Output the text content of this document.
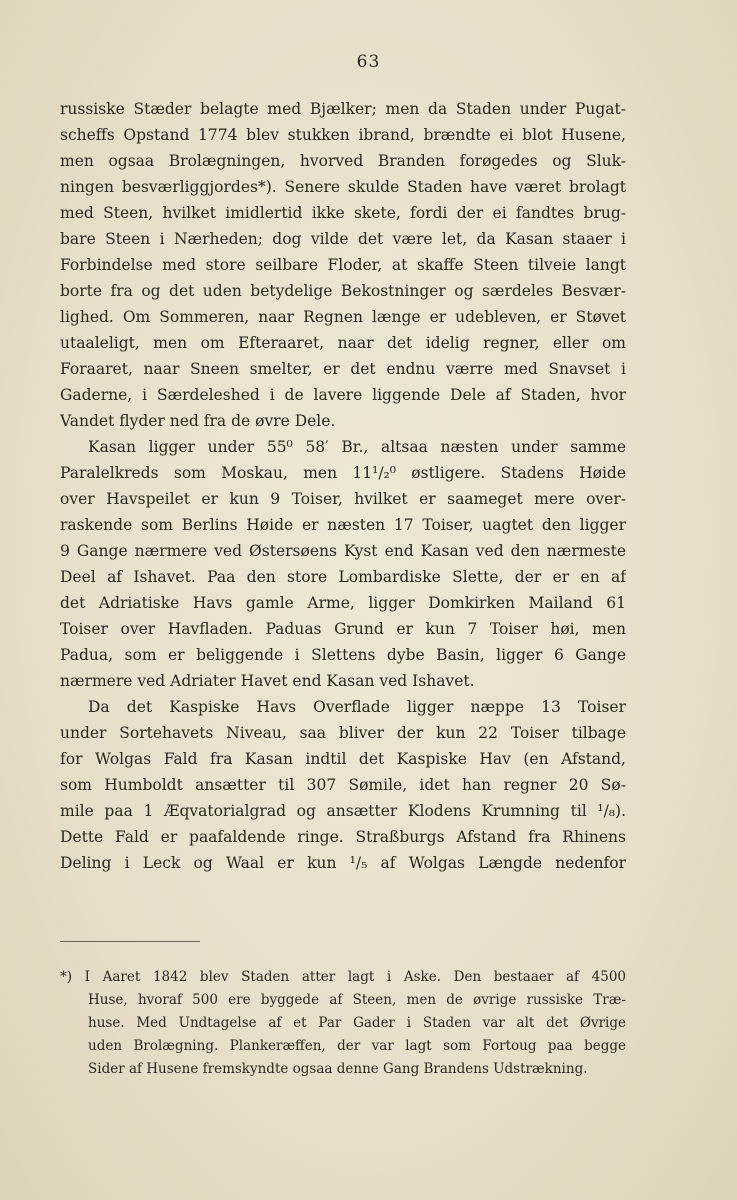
63
russiske Stæder belagte med Bjælker; men da Staden under Pugat-
scheffs Opstand 1774 blev stukken ibrand, brændte ei blot Husene,
men ogsaa Brolægningen, hvorved Branden forøgedes og Sluk-
ningen besværliggjordes*). Senere skulde Staden have været brolagt
med Steen, hvilket imidlertid ikke skete, fordi der ei fandtes brug-
bare Steen i Nærheden; dog vilde det være let, da Kasan staaer i
Forbindelse med store seilbare Floder, at skaffe Steen tilveie langt
borte fra og det uden betydelige Bekostninger og særdeles Besvær-
lighed. Om Sommeren, naar Regnen længe er udebleven, er Støvet
utaaleligt, men om Efteraaret, naar det idelig regner, eller om
Foraaret, naar Sneen smelter, er det endnu værre med Snavset i
Gaderne, i Særdeleshed i de lavere liggende Dele af Staden, hvor
Vandet flyder ned fra de øvre Dele.
Kasan ligger under 55⁰ 58′ Br., altsaa næsten under samme
Paralelkreds som Moskau, men 11¹/₂⁰ østligere. Stadens Høide
over Havspeilet er kun 9 Toiser, hvilket er saameget mere over-
raskende som Berlins Høide er næsten 17 Toiser, uagtet den ligger
9 Gange nærmere ved Østersøens Kyst end Kasan ved den nærmeste
Deel af Ishavet. Paa den store Lombardiske Slette, der er en af
det Adriatiske Havs gamle Arme, ligger Domkirken Mailand 61
Toiser over Havfladen. Paduas Grund er kun 7 Toiser høi, men
Padua, som er beliggende i Slettens dybe Basin, ligger 6 Gange
nærmere ved Adriater Havet end Kasan ved Ishavet.
Da det Kaspiske Havs Overflade ligger næppe 13 Toiser
under Sortehavets Niveau, saa bliver der kun 22 Toiser tilbage
for Wolgas Fald fra Kasan indtil det Kaspiske Hav (en Afstand,
som Humboldt ansætter til 307 Sømile, idet han regner 20 Sø-
mile paa 1 Æqvatorialgrad og ansætter Klodens Krumning til ¹/₈).
Dette Fald er paafaldende ringe. Straßburgs Afstand fra Rhinens
Deling i Leck og Waal er kun ¹/₅ af Wolgas Længde nedenfor
*) I Aaret 1842 blev Staden atter lagt i Aske. Den bestaaer af 4500
Huse, hvoraf 500 ere byggede af Steen, men de øvrige russiske Træ-
huse. Med Undtagelse af et Par Gader i Staden var alt det Øvrige
uden Brolægning. Plankeræffen, der var lagt som Fortoug paa begge
Sider af Husene fremskyndte ogsaa denne Gang Brandens Udstrækning.
